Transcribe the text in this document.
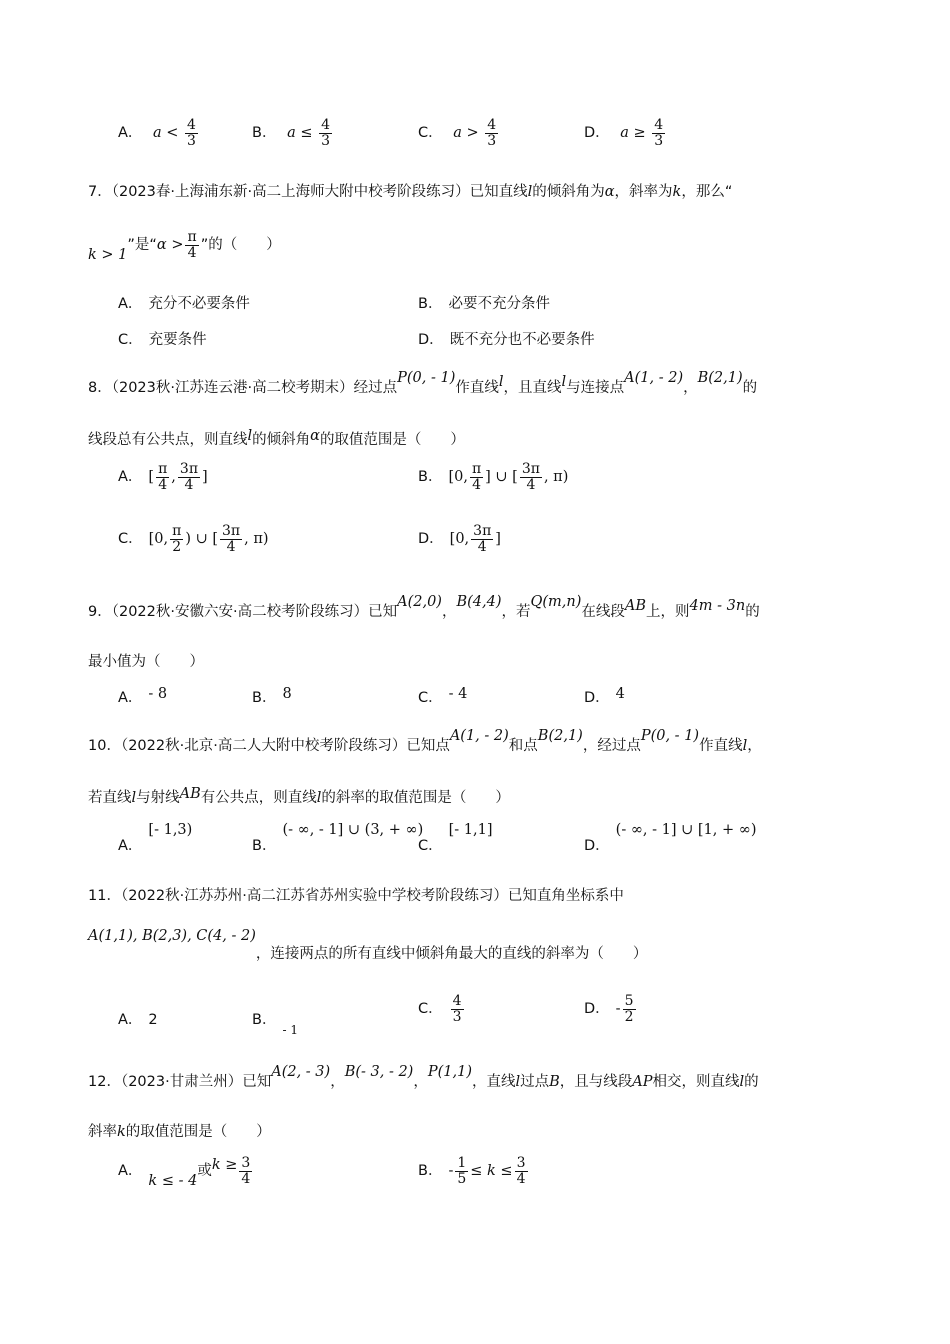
A． $a < \frac{4}{3}$	B． $a \le \frac{4}{3}$	C． $a > \frac{4}{3}$	D． $a \ge \frac{4}{3}$
7．（2023春·上海浦东新·高二上海师大附中校考阶段练习）已知直线l的倾斜角为α，斜率为k，那么“
k > 1”是“$\alpha > \frac{\pi}{4}$ ”的（　　）
A． 充分不必要条件	B． 必要不充分条件
C． 充要条件	D． 既不充分也不必要条件
8．（2023秋·江苏连云港·高二校考期末）经过点P(0, - 1)作直线l，且直线l与连接点A(1, - 2)，B(2,1)的
线段总有公共点，则直线l的倾斜角α的取值范围是（　　）
A． [ $\frac{\pi}{4}$ , $\frac{3\pi}{4}$ ]	B． [0, $\frac{\pi}{4}$ ] ∪ [ $\frac{3\pi}{4}$ , π)
C． [0, $\frac{\pi}{2}$ ) ∪ [ $\frac{3\pi}{4}$ , π)	D． [0, $\frac{3\pi}{4}$ ]
9．（2022秋·安徽六安·高二校考阶段练习）已知A(2,0)，B(4,4)，若Q(m,n)在线段AB上，则4m - 3n的
最小值为（　　）
A． - 8	B． 8	C． - 4	D． 4
10．（2022秋·北京·高二人大附中校考阶段练习）已知点A(1, - 2)和点B(2,1)，经过点P(0, - 1)作直线l，
若直线l与射线AB有公共点，则直线l的斜率的取值范围是（　　）
A．[- 1,3)
B．(- ∞, - 1] ∪ (3, + ∞)
C．[- 1,1]
D．(- ∞, - 1] ∪ [1, + ∞)
11．（2022秋·江苏苏州·高二江苏省苏州实验中学校考阶段练习）已知直角坐标系中
A(1,1), B(2,3), C(4, - 2)，连接两点的所有直线中倾斜角最大的直线的斜率为（　　）
A． 2	B．$_{- 1}$
C． $\frac{4}{3}$	D． - $\frac{5}{2}$
12．（2023·甘肃兰州）已知A(2, - 3)，B(- 3, - 2)，P(1,1)，直线l过点B，且与线段AP相交，则直线l的
斜率k的取值范围是（　　）
A．k ≤ - 4或$k \ge \frac{3}{4}$	B． - $\frac{1}{5} \le k \le \frac{3}{4}$
